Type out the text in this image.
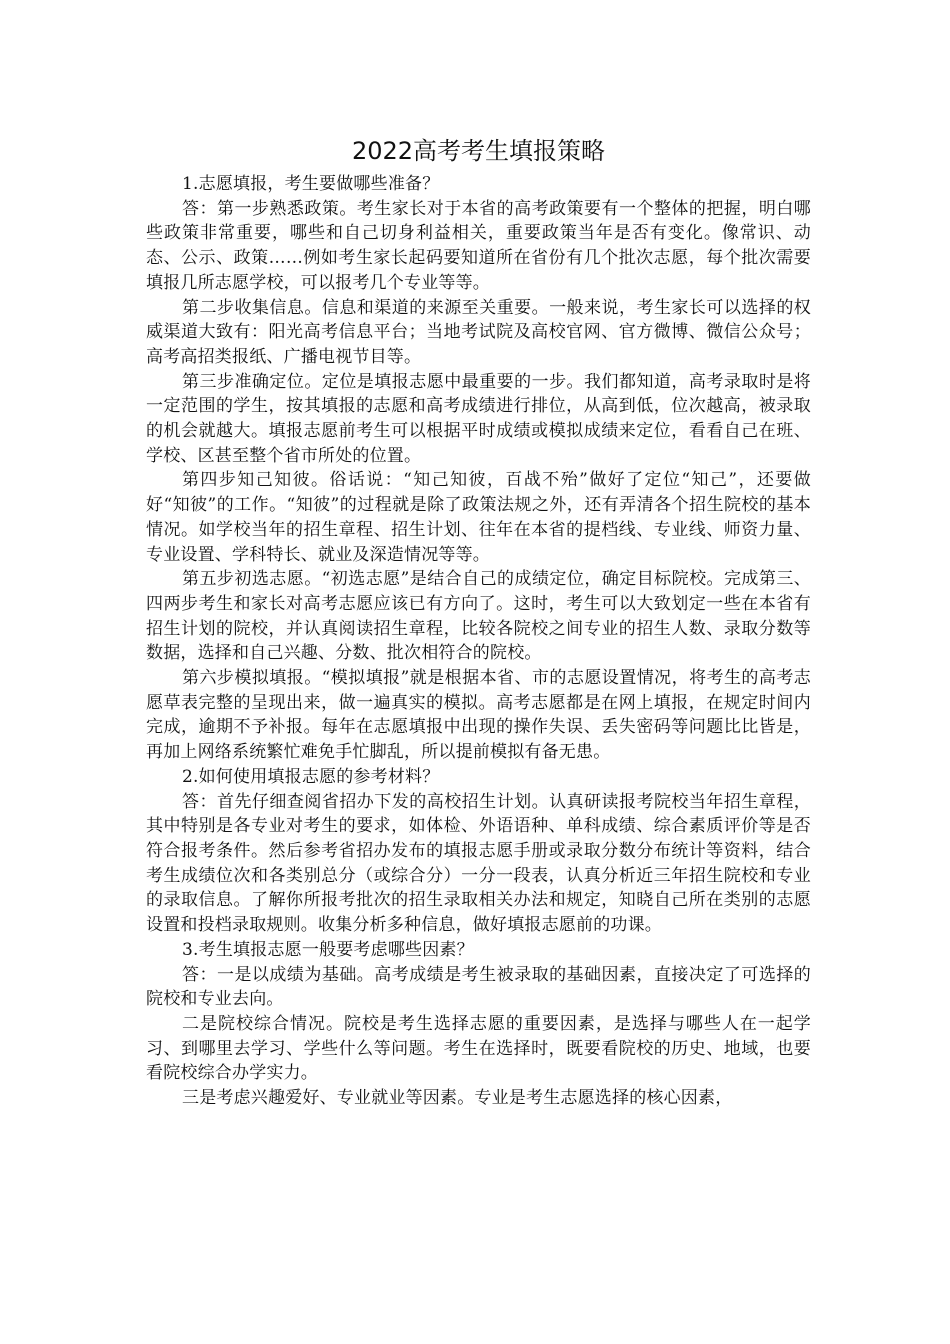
2022高考考生填报策略

1.志愿填报，考生要做哪些准备？

答：第一步熟悉政策。考生家长对于本省的高考政策要有一个整体的把握，明白哪些政策非常重要，哪些和自己切身利益相关，重要政策当年是否有变化。像常识、动态、公示、政策……例如考生家长起码要知道所在省份有几个批次志愿，每个批次需要填报几所志愿学校，可以报考几个专业等等。

第二步收集信息。信息和渠道的来源至关重要。一般来说，考生家长可以选择的权威渠道大致有：阳光高考信息平台；当地考试院及高校官网、官方微博、微信公众号；高考高招类报纸、广播电视节目等。

第三步准确定位。定位是填报志愿中最重要的一步。我们都知道，高考录取时是将一定范围的学生，按其填报的志愿和高考成绩进行排位，从高到低，位次越高，被录取的机会就越大。填报志愿前考生可以根据平时成绩或模拟成绩来定位，看看自己在班、学校、区甚至整个省市所处的位置。

第四步知己知彼。俗话说：“知己知彼，百战不殆”做好了定位“知己”，还要做好“知彼”的工作。“知彼”的过程就是除了政策法规之外，还有弄清各个招生院校的基本情况。如学校当年的招生章程、招生计划、往年在本省的提档线、专业线、师资力量、专业设置、学科特长、就业及深造情况等等。

第五步初选志愿。“初选志愿”是结合自己的成绩定位，确定目标院校。完成第三、四两步考生和家长对高考志愿应该已有方向了。这时，考生可以大致划定一些在本省有招生计划的院校，并认真阅读招生章程，比较各院校之间专业的招生人数、录取分数等数据，选择和自己兴趣、分数、批次相符合的院校。

第六步模拟填报。“模拟填报”就是根据本省、市的志愿设置情况，将考生的高考志愿草表完整的呈现出来，做一遍真实的模拟。高考志愿都是在网上填报，在规定时间内完成，逾期不予补报。每年在志愿填报中出现的操作失误、丢失密码等问题比比皆是，再加上网络系统繁忙难免手忙脚乱，所以提前模拟有备无患。

2.如何使用填报志愿的参考材料？

答：首先仔细查阅省招办下发的高校招生计划。认真研读报考院校当年招生章程，其中特别是各专业对考生的要求，如体检、外语语种、单科成绩、综合素质评价等是否符合报考条件。然后参考省招办发布的填报志愿手册或录取分数分布统计等资料，结合考生成绩位次和各类别总分（或综合分）一分一段表，认真分析近三年招生院校和专业的录取信息。了解你所报考批次的招生录取相关办法和规定，知晓自己所在类别的志愿设置和投档录取规则。收集分析多种信息，做好填报志愿前的功课。

3.考生填报志愿一般要考虑哪些因素？

答：一是以成绩为基础。高考成绩是考生被录取的基础因素，直接决定了可选择的院校和专业去向。

二是院校综合情况。院校是考生选择志愿的重要因素，是选择与哪些人在一起学习、到哪里去学习、学些什么等问题。考生在选择时，既要看院校的历史、地域，也要看院校综合办学实力。

三是考虑兴趣爱好、专业就业等因素。专业是考生志愿选择的核心因素，
